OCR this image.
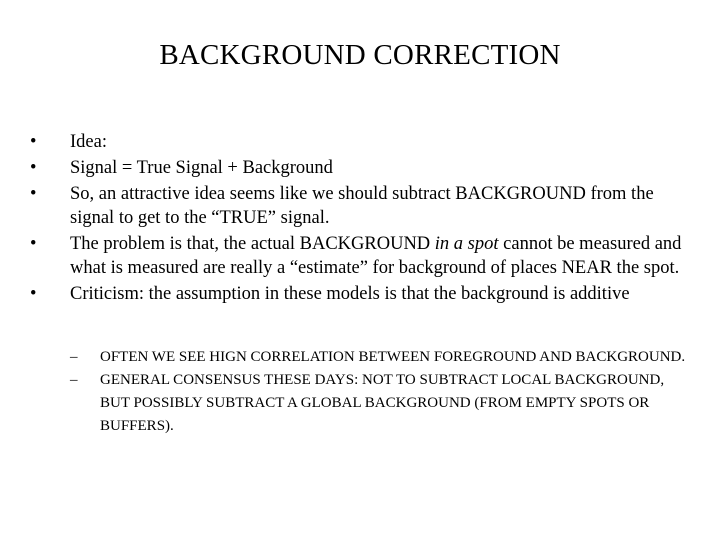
BACKGROUND CORRECTION
• Idea:
• Signal = True Signal + Background
• So, an attractive idea seems like we should subtract BACKGROUND from the signal to get to the “TRUE” signal.
• The problem is that, the actual BACKGROUND in a spot cannot be measured and what is measured are really a “estimate” for background of places NEAR the spot.
• Criticism: the assumption in these models is that the background is additive
– OFTEN WE SEE HIGN CORRELATION BETWEEN FOREGROUND AND BACKGROUND.
– GENERAL CONSENSUS THESE DAYS: NOT TO SUBTRACT LOCAL BACKGROUND, BUT POSSIBLY SUBTRACT A GLOBAL BACKGROUND (FROM EMPTY SPOTS OR BUFFERS).
